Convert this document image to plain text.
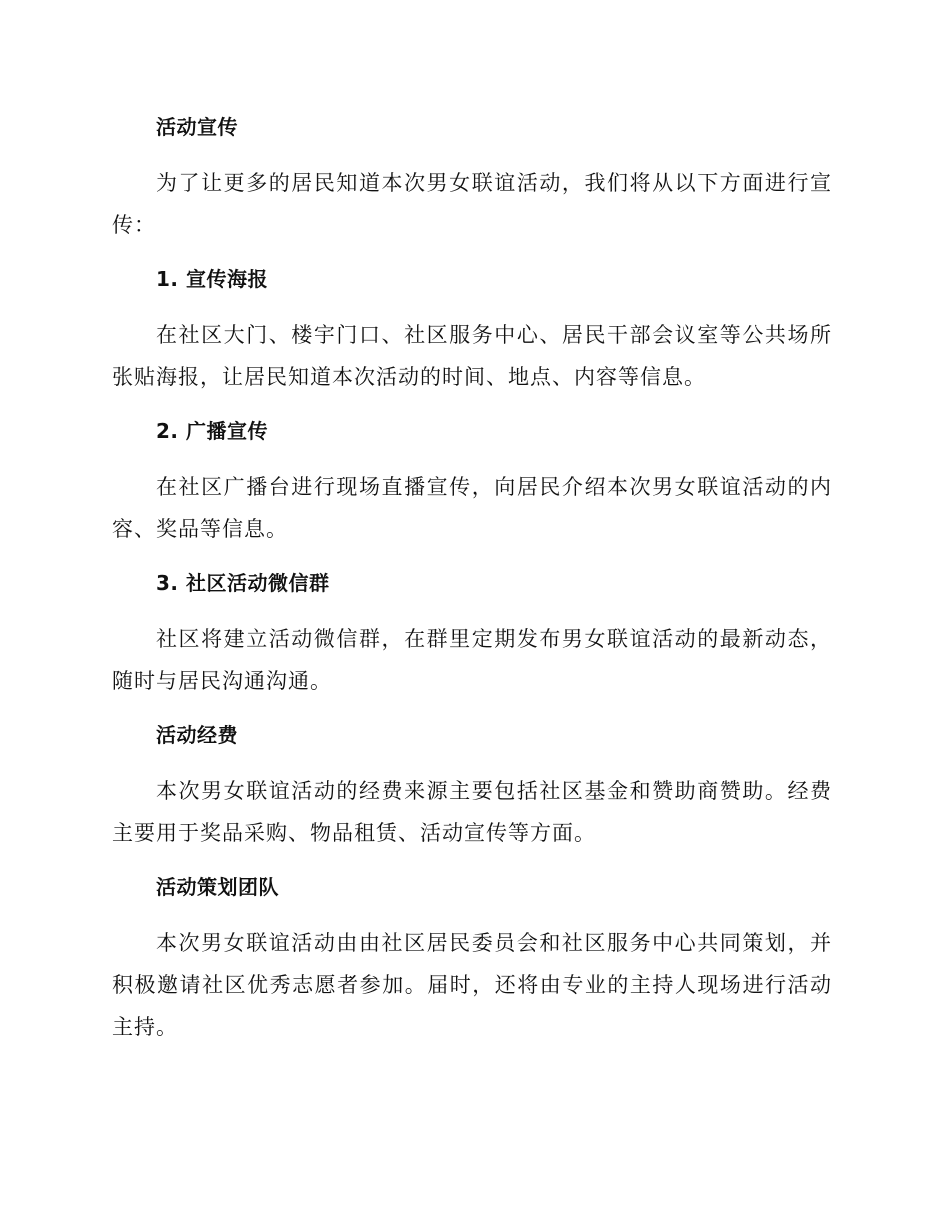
活动宣传
为了让更多的居民知道本次男女联谊活动，我们将从以下方面进行宣传：
1. 宣传海报
在社区大门、楼宇门口、社区服务中心、居民干部会议室等公共场所张贴海报，让居民知道本次活动的时间、地点、内容等信息。
2. 广播宣传
在社区广播台进行现场直播宣传，向居民介绍本次男女联谊活动的内容、奖品等信息。
3. 社区活动微信群
社区将建立活动微信群，在群里定期发布男女联谊活动的最新动态，随时与居民沟通沟通。
活动经费
本次男女联谊活动的经费来源主要包括社区基金和赞助商赞助。经费主要用于奖品采购、物品租赁、活动宣传等方面。
活动策划团队
本次男女联谊活动由由社区居民委员会和社区服务中心共同策划，并积极邀请社区优秀志愿者参加。届时，还将由专业的主持人现场进行活动主持。
